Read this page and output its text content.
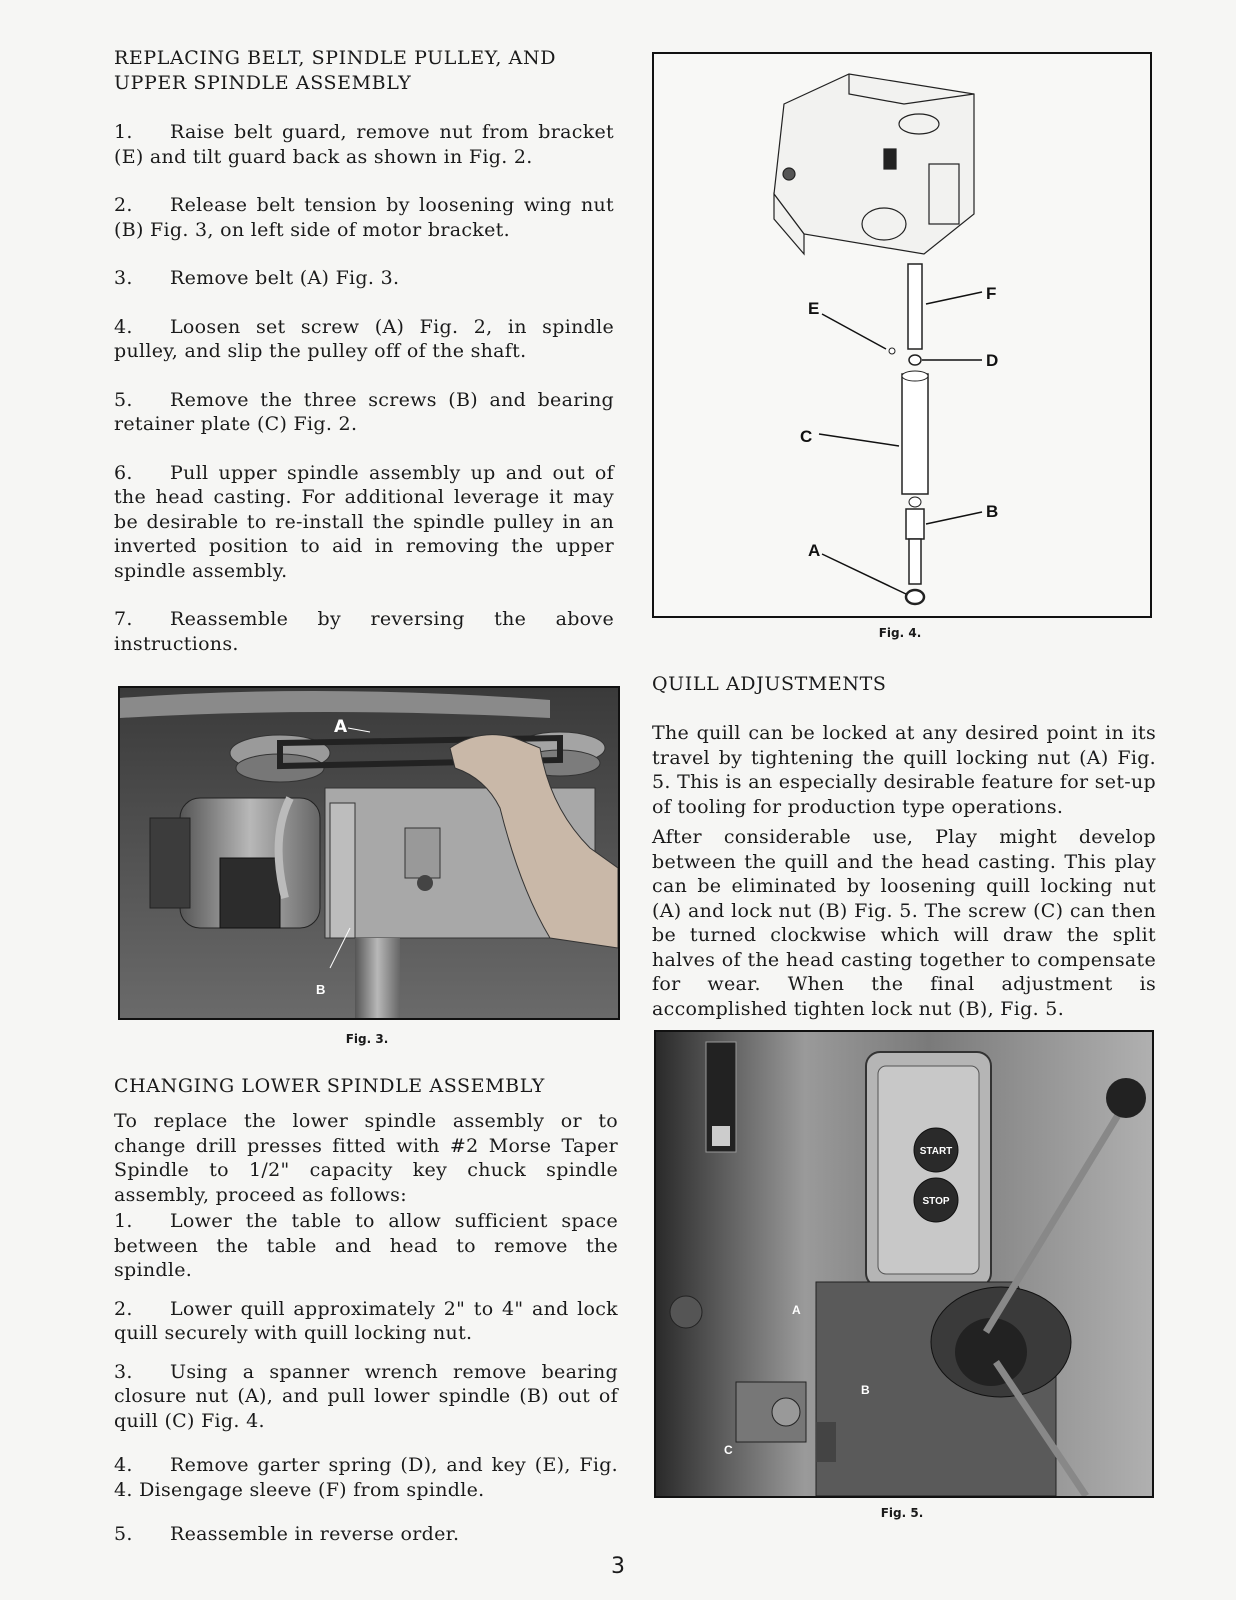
REPLACING BELT, SPINDLE PULLEY, AND UPPER SPINDLE ASSEMBLY

1. Raise belt guard, remove nut from bracket (E) and tilt guard back as shown in Fig. 2.

2. Release belt tension by loosening wing nut (B) Fig. 3, on left side of motor bracket.

3. Remove belt (A) Fig. 3.

4. Loosen set screw (A) Fig. 2, in spindle pulley, and slip the pulley off of the shaft.

5. Remove the three screws (B) and bearing retainer plate (C) Fig. 2.

6. Pull upper spindle assembly up and out of the head casting. For additional leverage it may be desirable to re-install the spindle pulley in an inverted position to aid in removing the upper spindle assembly.

7. Reassemble by reversing the above instructions.

A
B
Fig. 3.
CHANGING LOWER SPINDLE ASSEMBLY

To replace the lower spindle assembly or to change drill presses fitted with #2 Morse Taper Spindle to 1/2" capacity key chuck spindle assembly, proceed as follows:

1. Lower the table to allow sufficient space between the table and head to remove the spindle.

2. Lower quill approximately 2" to 4" and lock quill securely with quill locking nut.

3. Using a spanner wrench remove bearing closure nut (A), and pull lower spindle (B) out of quill (C) Fig. 4.

4. Remove garter spring (D), and key (E), Fig. 4. Disengage sleeve (F) from spindle.

5. Reassemble in reverse order.

F
E
D
C
B
A
Fig. 4.
QUILL ADJUSTMENTS

The quill can be locked at any desired point in its travel by tightening the quill locking nut (A) Fig. 5. This is an especially desirable feature for set-up of tooling for production type operations.

After considerable use, Play might develop between the quill and the head casting. This play can be eliminated by loosening quill locking nut (A) and lock nut (B) Fig. 5. The screw (C) can then be turned clockwise which will draw the split halves of the head casting together to compensate for wear. When the final adjustment is accomplished tighten lock nut (B), Fig. 5.

START
STOP
A
B
C
Fig. 5.
3
